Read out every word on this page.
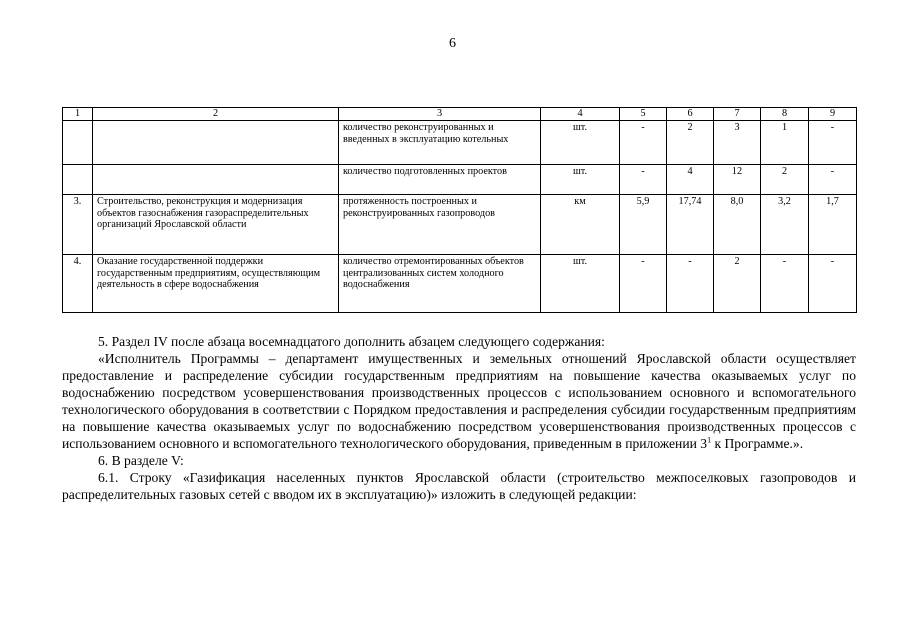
6
1	2	3	4	5	6	7	8	9
		количество реконструированных и введенных в эксплуатацию котельных	шт.	-	2	3	1	-
		количество подготовленных проектов	шт.	-	4	12	2	-
3.	Строительство, реконструкция и модернизация объектов газоснабжения газораспределительных организаций Ярославской области	протяженность построенных и реконструированных газопроводов	км	5,9	17,74	8,0	3,2	1,7
4.	Оказание государственной поддержки государственным предприятиям, осуществляющим деятельность в сфере водоснабжения	количество отремонтированных объектов централизованных систем холодного водоснабжения	шт.	-	-	2	-	-

5. Раздел IV после абзаца восемнадцатого дополнить абзацем следующего содержания:

«Исполнитель Программы – департамент имущественных и земельных отношений Ярославской области осуществляет предоставление и распределение субсидии государственным предприятиям на повышение качества оказываемых услуг по водоснабжению посредством усовершенствования производственных процессов с использованием основного и вспомогательного технологического оборудования в соответствии с Порядком предоставления и распределения субсидии государственным предприятиям на повышение качества оказываемых услуг по водоснабжению посредством усовершенствования производственных процессов с использованием основного и вспомогательного технологического оборудования, приведенным в приложении $3^1$ к Программе.».

6. В разделе V:

6.1. Строку «Газификация населенных пунктов Ярославской области (строительство межпоселковых газопроводов и распределительных газовых сетей с вводом их в эксплуатацию)» изложить в следующей редакции:
